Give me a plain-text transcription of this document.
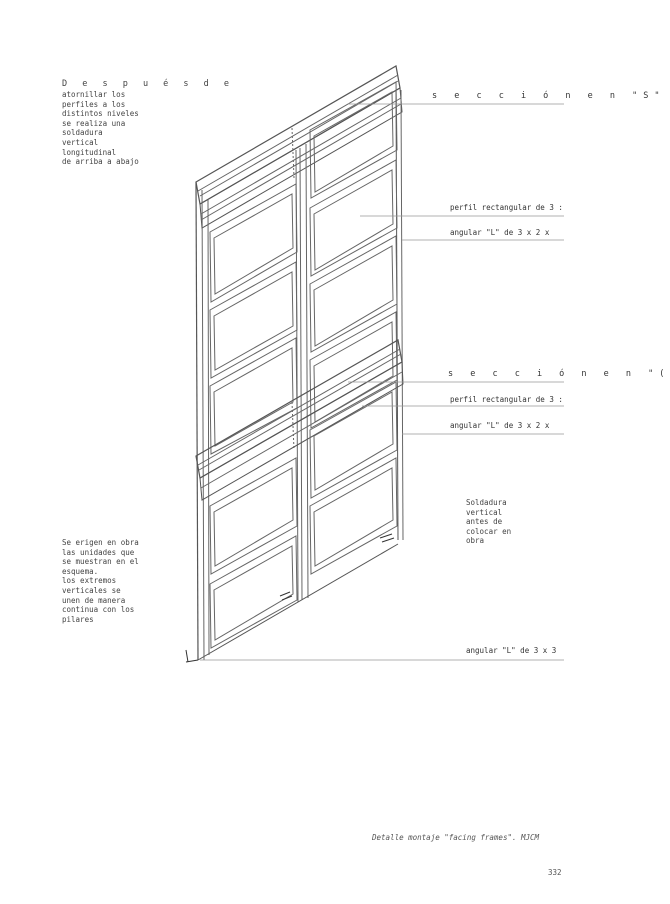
D e s p u é s d e
atornillar los
perfiles a los
distintos niveles
se realiza una
soldadura
vertical
longitudinal
de arriba a abajo
Se erigen en obra
las unidades que
se muestran en el
esquema.
los extremos
verticales se
unen de manera
continua con los
pilares
Soldadura
vertical
antes de
colocar en
obra
s e c c i ó n e n "S"
perfil rectangular de 3 :
angular "L" de 3 x 2 x
s e c c i ó n e n "(
perfil rectangular de 3 :
angular "L" de 3 x 2 x
angular "L" de 3 x 3
Detalle montaje "facing frames". MJCM
332
